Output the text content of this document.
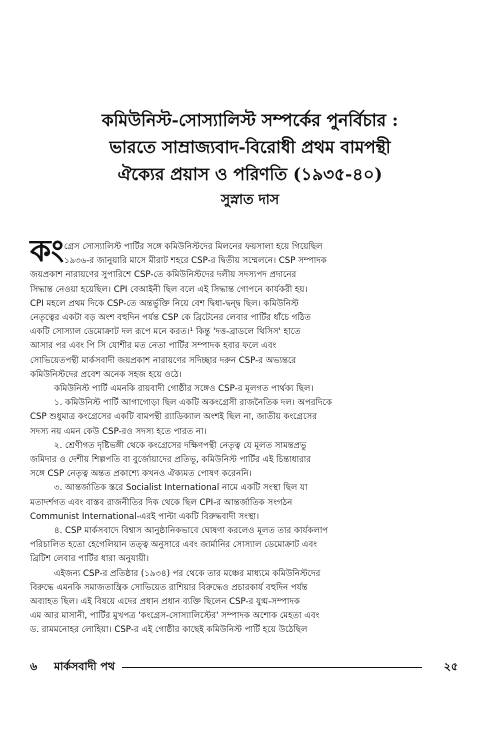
কমিউনিস্ট-সোস্যালিস্ট সম্পর্কের পুনর্বিচার :
ভারতে সাম্রাজ্যবাদ-বিরোধী প্রথম বামপন্থী
ঐক্যের প্রয়াস ও পরিণতি (১৯৩৫-৪০)
সুস্নাত দাস
কং গ্রেস সোস্যালিস্ট পার্টির সঙ্গে কমিউনিস্টদের মিলনের ফয়সালা হয়ে গিয়েছিল
১৯৩৬-র জানুয়ারি মাসে মীরাট শহরে CSP-র দ্বিতীয় সম্মেলনে। CSP সম্পাদক
জয়প্রকাশ নারায়ণের সুপারিশে CSP-তে কমিউনিস্টদের দলীয় সদস্যপদ প্রদানের
সিদ্ধান্ত নেওয়া হয়েছিল। CPI বেআইনী ছিল বলে এই সিদ্ধান্ত গোপনে কার্যকরী হয়।
CPI মহলে প্রথম দিকে CSP-তে অন্তর্ভুক্তি নিয়ে বেশ দ্বিধা-দ্বন্দ্ব ছিল। কমিউনিস্ট
নেতৃত্বের একটা বড় অংশ বহুদিন পর্যন্ত CSP কে ব্রিটেনের লেবার পার্টির ধাঁচে গঠিত
একটি সোস্যাল ডেমোক্রাট দল রূপে মনে করত।¹ কিন্তু 'দত্ত-ব্রাডলে থিসিস' হাতে
আসার পর এবং পি সি যোশীর মত নেতা পার্টির সম্পাদক হবার ফলে এবং
সোভিয়েতপন্থী মার্কসবাদী জয়প্রকাশ নারায়ণের সদিচ্ছার দরুন CSP-র অভ্যন্তরে
কমিউনিস্টদের প্রবেশ অনেক সহজ হয়ে ওঠে।
কমিউনিস্ট পার্টি এমনকি রায়বাদী গোষ্ঠীর সঙ্গেও CSP-র মূলগত পার্থক্য ছিল।
১. কমিউনিস্ট পার্টি আগাগোড়া ছিল একটি অকংগ্রেসী রাজনৈতিক দল। অপরদিকে
CSP শুধুমাত্র কংগ্রেসের একটি বামপন্থী র‍্যাডিক্যাল অংশই ছিল না, জাতীয় কংগ্রেসের
সদস্য নয় এমন কেউ CSP-রও সদস্য হতে পারত না।
২. শ্রেণীগত দৃষ্টিভঙ্গী থেকে কংগ্রেসের দক্ষিণপন্থী নেতৃত্ব যে মূলত সামন্তপ্রভু
জমিদার ও দেশীয় শিল্পপতি বা বুর্জোয়াদের প্রতিভূ, কমিউনিস্ট পার্টির এই চিন্তাধারার
সঙ্গে CSP নেতৃত্ব অন্তত প্রকাশ্যে কখনও ঐক্যমত পোষণ করেননি।
৩. আন্তর্জাতিক স্তরে Socialist International নামে একটি সংস্থা ছিল যা
মতাদর্শগত এবং বাস্তব রাজনীতির দিক থেকে ছিল CPI-র আন্তর্জাতিক সংগঠন
Communist International-এরই পাল্টা একটি বিরুদ্ধবাদী সংস্থা।
৪. CSP মার্কসবাদে বিশ্বাস আনুষ্ঠানিকভাবে ঘোষণা করলেও মূলত তার কার্যকলাপ
পরিচালিত হতো হেগেলিয়ান তত্ত্ব অনুসারে এবং জার্মানির সোস্যাল ডেমোক্রাট এবং
ব্রিটিশ লেবার পার্টির ধারা অনুযায়ী।
এইজন্য CSP-র প্রতিষ্ঠার (১৯৩৪) পর থেকে তার মঞ্চের মাধ্যমে কমিউনিস্টদের
বিরুদ্ধে এমনকি সমাজতান্ত্রিক সোভিয়েত রাশিয়ার বিরুদ্ধেও প্রচারকার্য বহুদিন পর্যন্ত
অব্যাহত ছিল। এই বিষয়ে এদের প্রধান প্রধান ব্যক্তি ছিলেন CSP-র যুগ্ম-সম্পাদক
এম আর মাসানী, পার্টির মুখপত্র 'কংগ্রেস-সোস্যালিস্টের' সম্পাদক অশোক মেহতা এবং
ড. রামমনোহর লোহিয়া। CSP-র এই গোষ্ঠীর কাছেই কমিউনিস্ট পার্টি হয়ে উঠেছিল
৬ মার্কসবাদী পথ	২৫
